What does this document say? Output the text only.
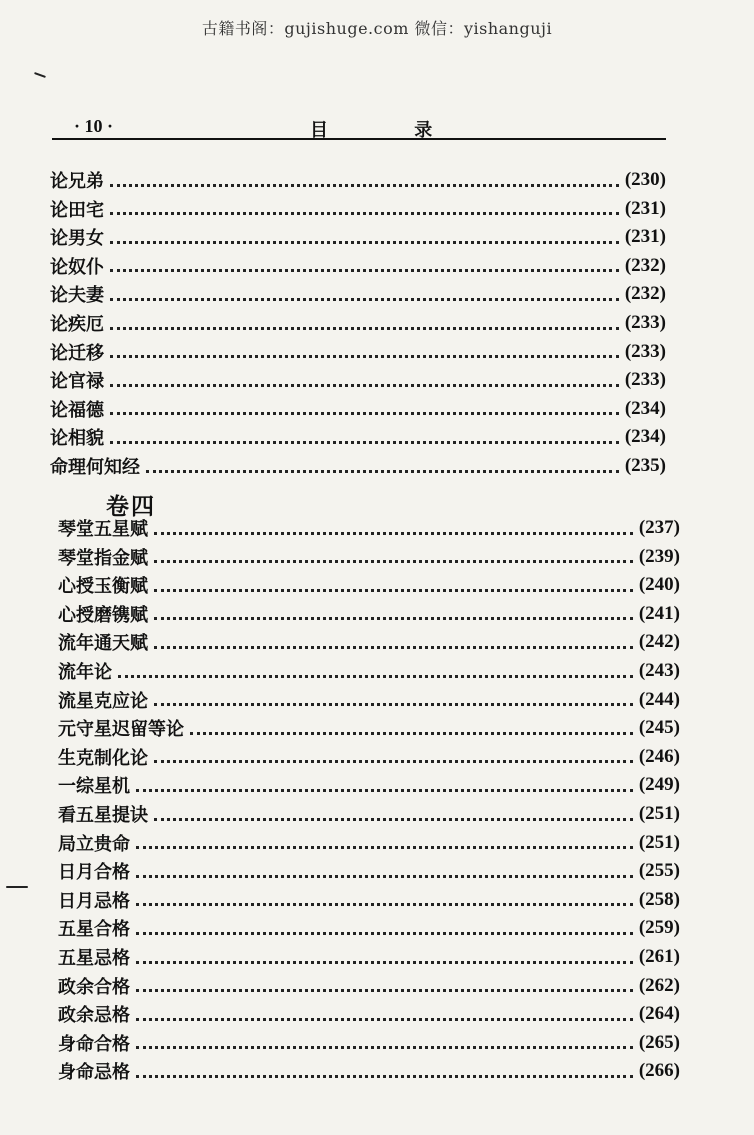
古籍书阁：gujishuge.com 微信：yishanguji
· 10 ·	目 录
论兄弟	(230)
论田宅	(231)
论男女	(231)
论奴仆	(232)
论夫妻	(232)
论疾厄	(233)
论迁移	(233)
论官禄	(233)
论福德	(234)
论相貌	(234)
命理何知经	(235)
卷四
琴堂五星赋	(237)
琴堂指金赋	(239)
心授玉衡赋	(240)
心授磨镌赋	(241)
流年通天赋	(242)
流年论	(243)
流星克应论	(244)
元守星迟留等论	(245)
生克制化论	(246)
一综星机	(249)
看五星提诀	(251)
局立贵命	(251)
日月合格	(255)
日月忌格	(258)
五星合格	(259)
五星忌格	(261)
政余合格	(262)
政余忌格	(264)
身命合格	(265)
身命忌格	(266)
